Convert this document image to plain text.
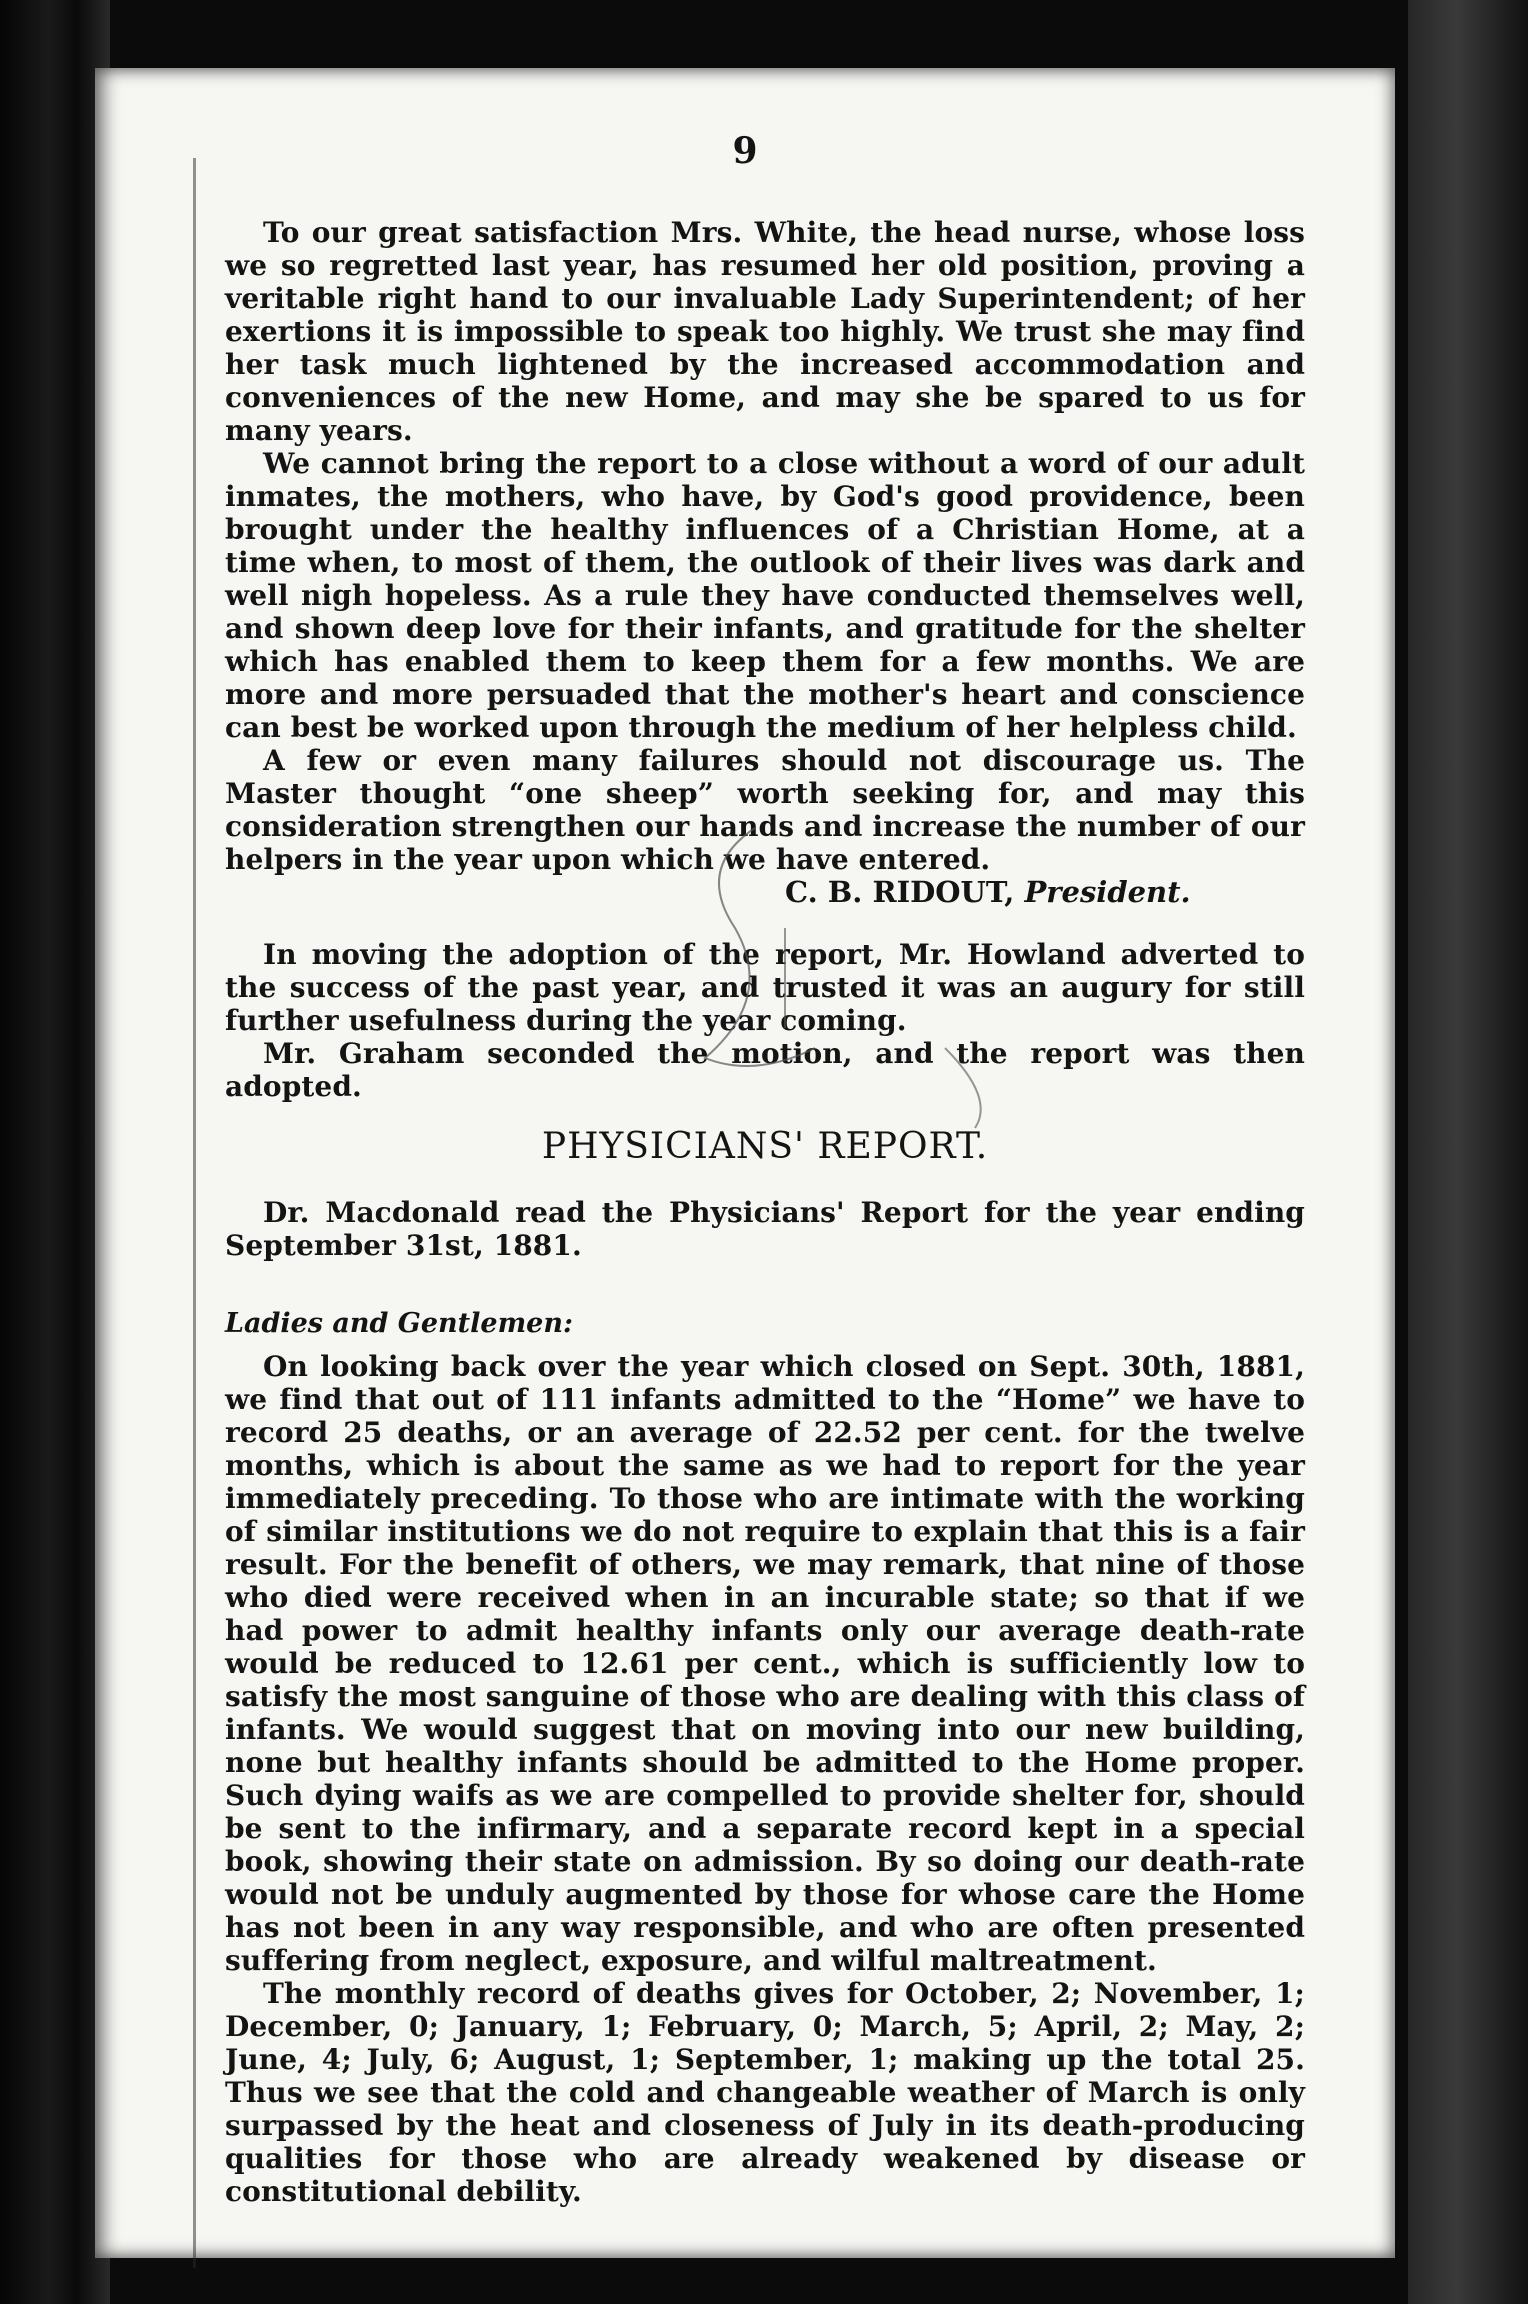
9

To our great satisfaction Mrs. White, the head nurse, whose loss we so regretted last year, has resumed her old position, proving a veritable right hand to our invaluable Lady Superintendent; of her exertions it is impossible to speak too highly. We trust she may find her task much lightened by the increased accommodation and conveniences of the new Home, and may she be spared to us for many years.

We cannot bring the report to a close without a word of our adult inmates, the mothers, who have, by God's good providence, been brought under the healthy influences of a Christian Home, at a time when, to most of them, the outlook of their lives was dark and well nigh hopeless. As a rule they have conducted themselves well, and shown deep love for their infants, and gratitude for the shelter which has enabled them to keep them for a few months. We are more and more persuaded that the mother's heart and conscience can best be worked upon through the medium of her helpless child.

A few or even many failures should not discourage us. The Master thought “one sheep” worth seeking for, and may this consideration strengthen our hands and increase the number of our helpers in the year upon which we have entered.

C. B. RIDOUT, President.

In moving the adoption of the report, Mr. Howland adverted to the success of the past year, and trusted it was an augury for still further usefulness during the year coming.

Mr. Graham seconded the motion, and the report was then adopted.

PHYSICIANS' REPORT.

Dr. Macdonald read the Physicians' Report for the year ending September 31st, 1881.

Ladies and Gentlemen:

On looking back over the year which closed on Sept. 30th, 1881, we find that out of 111 infants admitted to the “Home” we have to record 25 deaths, or an average of 22.52 per cent. for the twelve months, which is about the same as we had to report for the year immediately preceding. To those who are intimate with the working of similar institutions we do not require to explain that this is a fair result. For the benefit of others, we may remark, that nine of those who died were received when in an incurable state; so that if we had power to admit healthy infants only our average death-rate would be reduced to 12.61 per cent., which is sufficiently low to satisfy the most sanguine of those who are dealing with this class of infants. We would suggest that on moving into our new building, none but healthy infants should be admitted to the Home proper. Such dying waifs as we are compelled to provide shelter for, should be sent to the infirmary, and a separate record kept in a special book, showing their state on admission. By so doing our death-rate would not be unduly augmented by those for whose care the Home has not been in any way responsible, and who are often presented suffering from neglect, exposure, and wilful maltreatment.

The monthly record of deaths gives for October, 2; November, 1; December, 0; January, 1; February, 0; March, 5; April, 2; May, 2; June, 4; July, 6; August, 1; September, 1; making up the total 25. Thus we see that the cold and changeable weather of March is only surpassed by the heat and closeness of July in its death-producing qualities for those who are already weakened by disease or constitutional debility.
